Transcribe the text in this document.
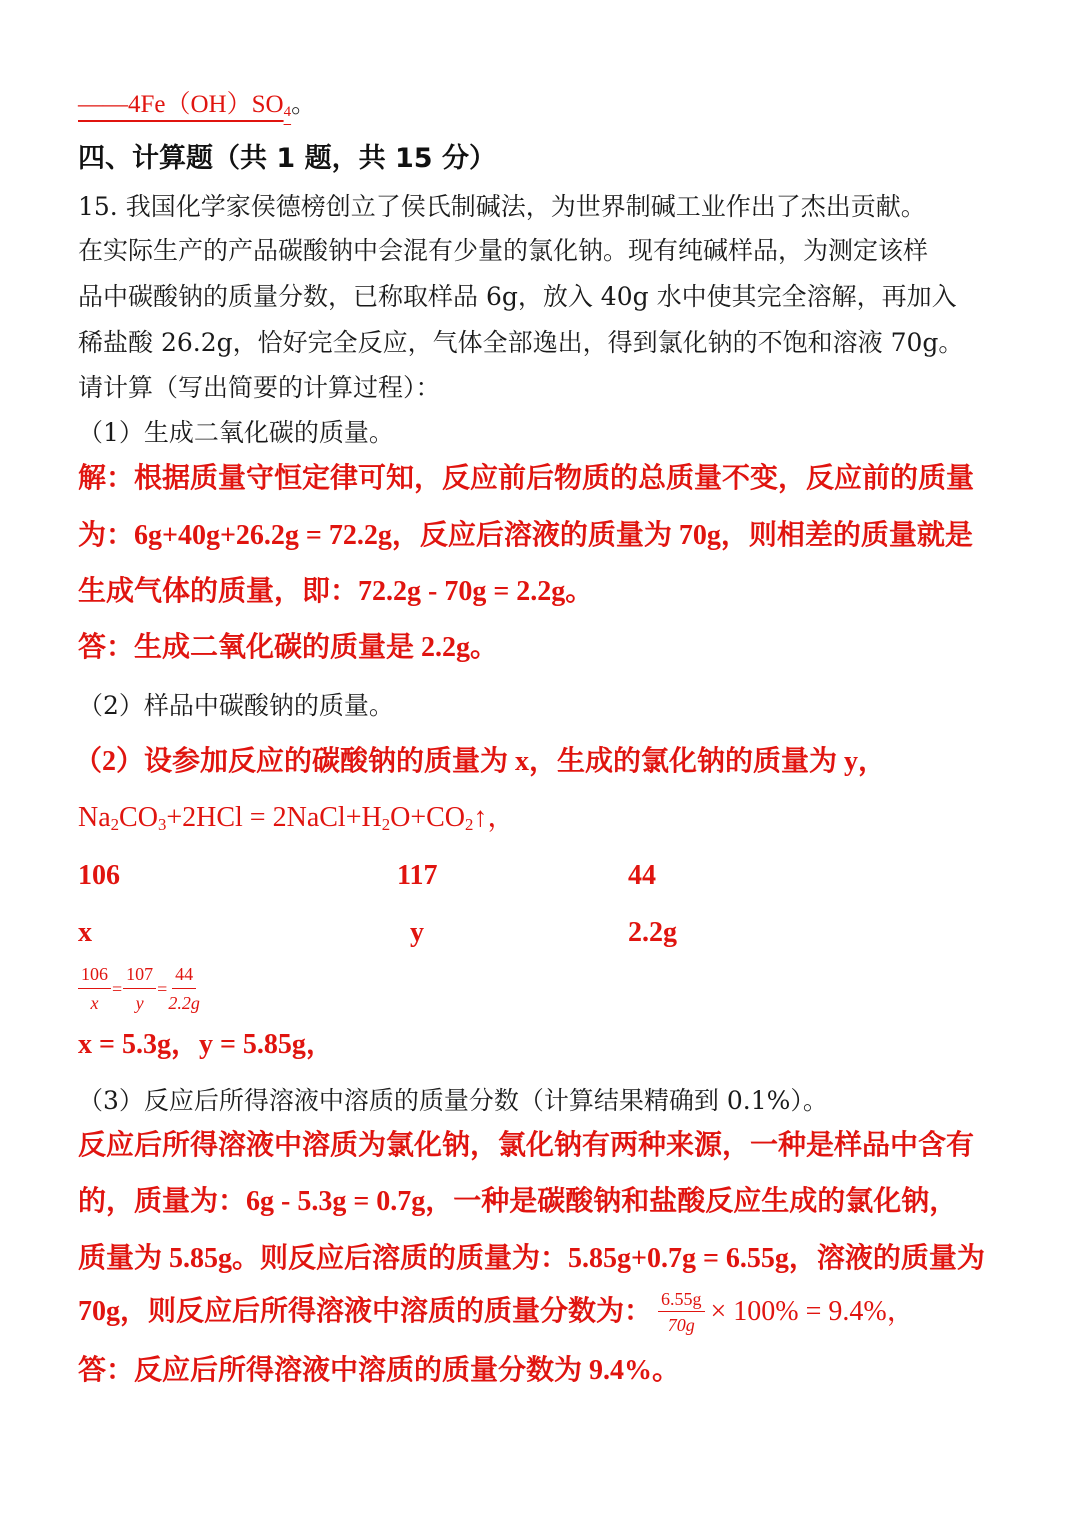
$——4Fe(OH)SO_4$。
四、计算题（共 1 题，共 15 分）
15. 我国化学家侯德榜创立了侯氏制碱法，为世界制碱工业作出了杰出贡献。
在实际生产的产品碳酸钠中会混有少量的氯化钠。现有纯碱样品，为测定该样
品中碳酸钠的质量分数，已称取样品 6g，放入 40g 水中使其完全溶解，再加入
稀盐酸 26.2g，恰好完全反应，气体全部逸出，得到氯化钠的不饱和溶液 70g。
请计算（写出简要的计算过程）：
（1）生成二氧化碳的质量。
解：根据质量守恒定律可知，反应前后物质的总质量不变，反应前的质量
为：6g+40g+26.2g = 72.2g，反应后溶液的质量为 70g，则相差的质量就是
生成气体的质量，即：72.2g - 70g = 2.2g。
答：生成二氧化碳的质量是 2.2g。
（2）样品中碳酸钠的质量。
（2）设参加反应的碳酸钠的质量为 x，生成的氯化钠的质量为 y，
$Na_2CO_3+2HCl$ = $2NaCl+H_2O+CO_2↑$，
106	117	44
x	y	2.2g
$\frac{106}{x} = \frac{107}{y} = \frac{44}{2.2g}$
x = 5.3g，y = 5.85g，
（3）反应后所得溶液中溶质的质量分数（计算结果精确到 0.1%）。
反应后所得溶液中溶质为氯化钠，氯化钠有两种来源，一种是样品中含有
的，质量为：6g - 5.3g = 0.7g，一种是碳酸钠和盐酸反应生成的氯化钠，
质量为 5.85g。则反应后溶质的质量为：5.85g+0.7g = 6.55g，溶液的质量为
70g，则反应后所得溶液中溶质的质量分数为： $\frac{6.55g}{70g} \times 100\% = 9.4\%$，
答：反应后所得溶液中溶质的质量分数为 9.4%。
